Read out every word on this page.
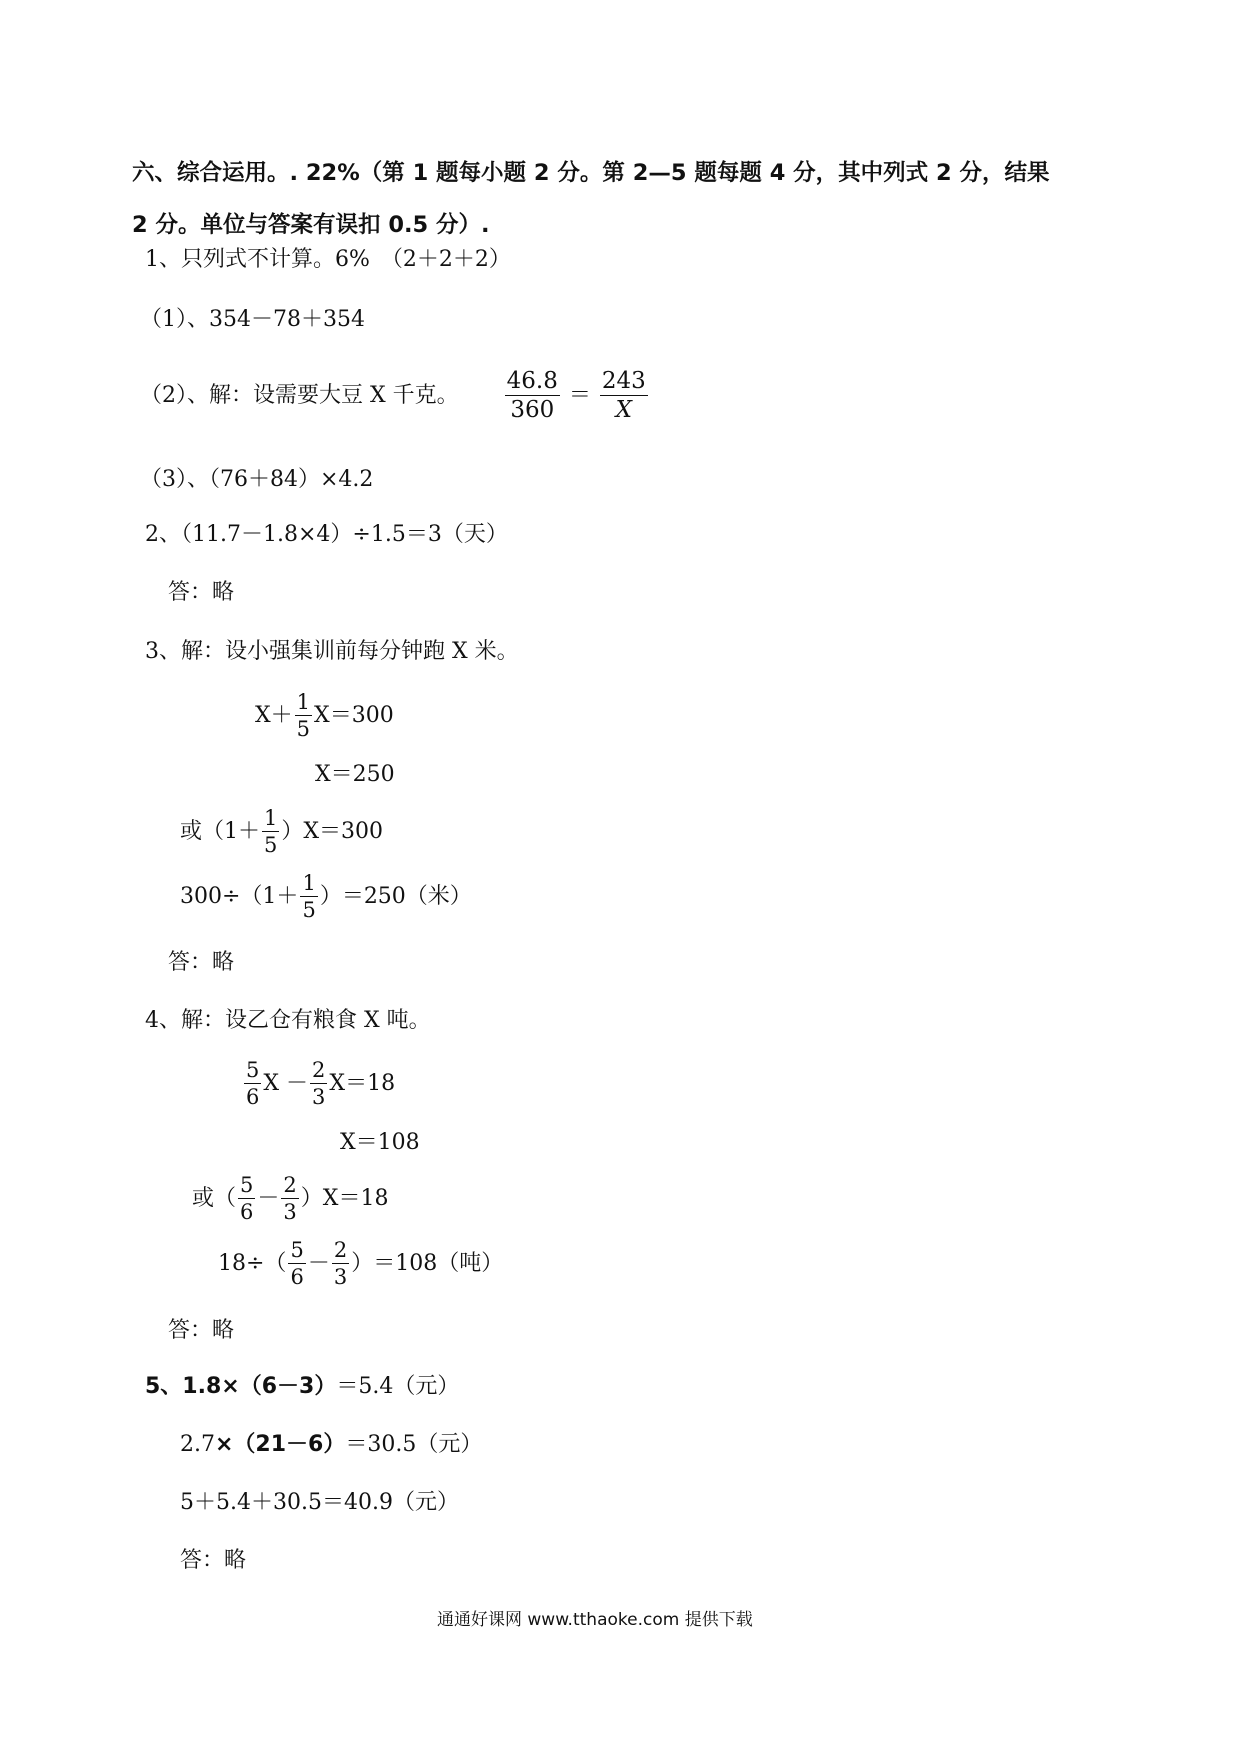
六、综合运用。. 22%（第 1 题每小题 2 分。第 2—5 题每题 4 分，其中列式 2 分，结果
2 分。单位与答案有误扣 0.5 分）.
1、只列式不计算。6%　（2＋2＋2）
（1）、354－78＋354
（2）、解：设需要大豆 X 千克。 $\frac{46.8}{360} = \frac{243}{X}$
（3）、（76＋84）×4.2
2、（11.7－1.8×4）÷1.5＝3（天）
答：略
3、解：设小强集训前每分钟跑 X 米。
$X+ \frac{1}{5} X=300$
X＝250
或$(1+ \frac{1}{5} )X=300$
$300\div(1+ \frac{1}{5} )=250$（米）
答：略
4、解：设乙仓有粮食 X 吨。
$\frac{5}{6}$ $X - \frac{2}{3} X=18$
X＝108
或（ $\frac{5}{6} - \frac{2}{3} )X=18$
$18\div( \frac{5}{6} - \frac{2}{3} )=108$（吨）
答：略
5、1.8×（6－3）＝5.4（元）
2.7×（21－6）＝30.5（元）
5＋5.4＋30.5＝40.9（元）
答：略
通通好课网 www.tthaoke.com 提供下载
